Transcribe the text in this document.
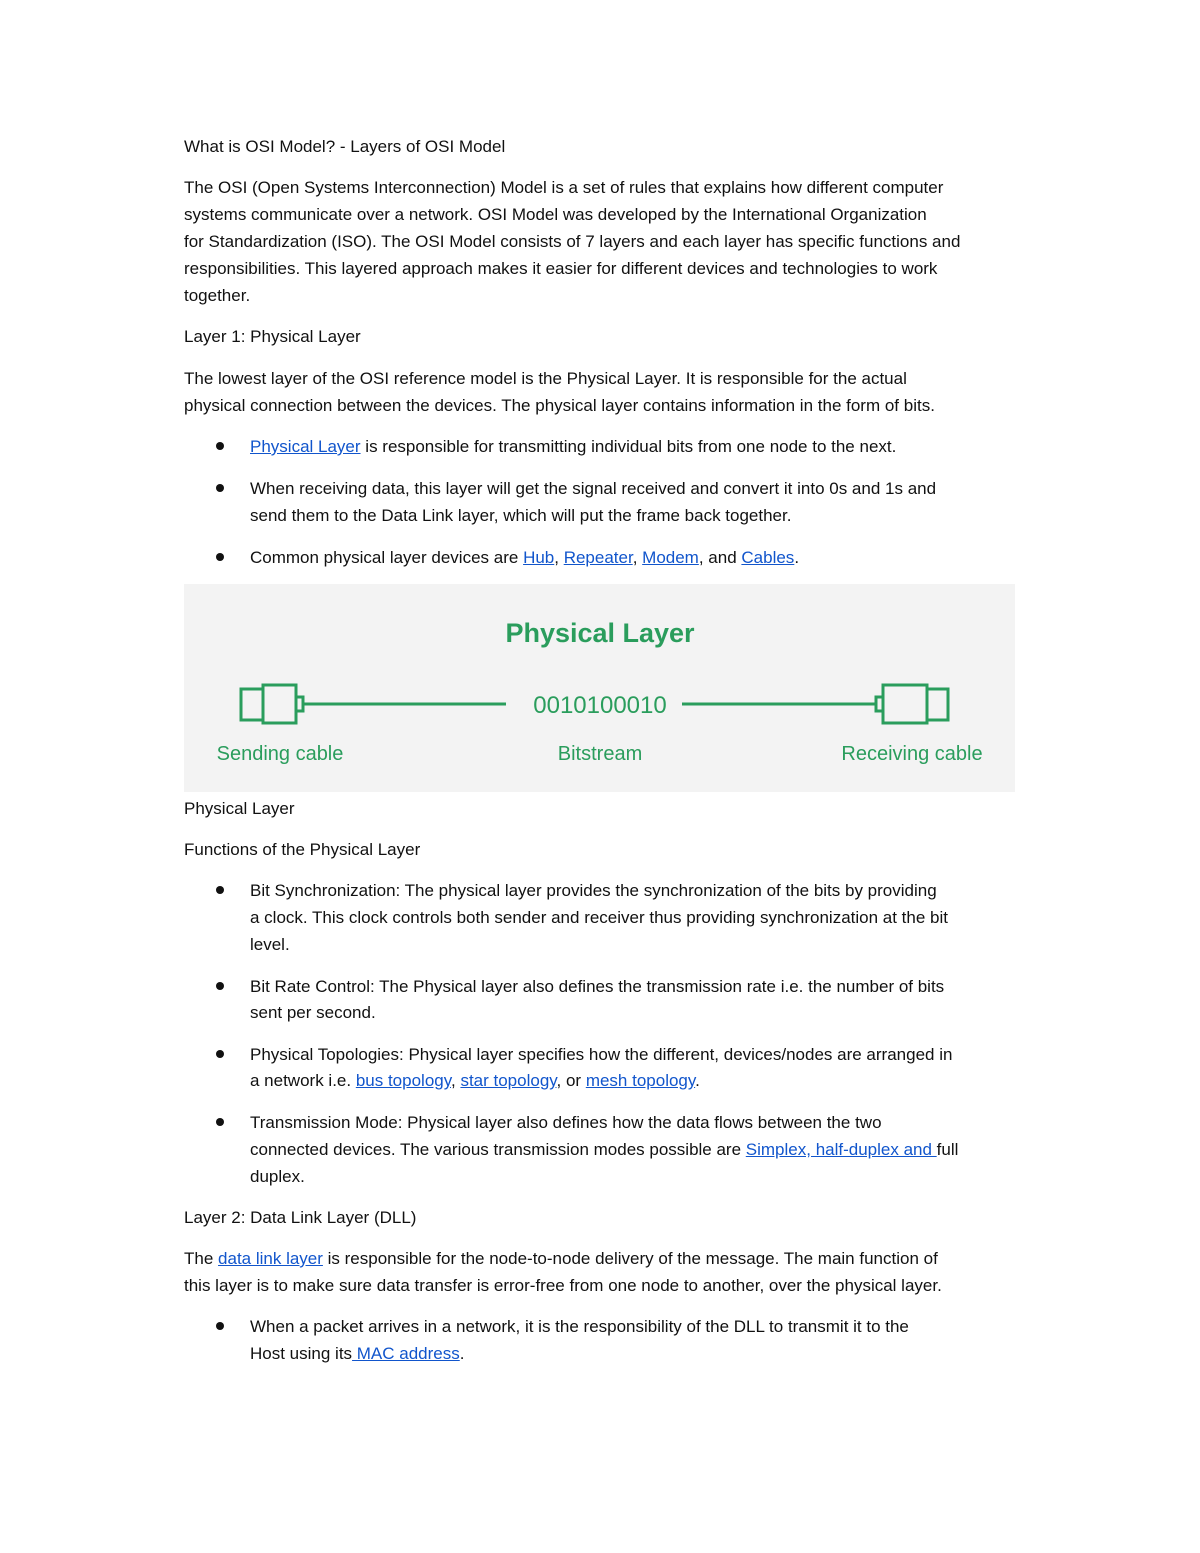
What is OSI Model? - Layers of OSI Model
The OSI (Open Systems Interconnection) Model is a set of rules that explains how different computer
systems communicate over a network. OSI Model was developed by the International Organization
for Standardization (ISO). The OSI Model consists of 7 layers and each layer has specific functions and
responsibilities. This layered approach makes it easier for different devices and technologies to work
together.
Layer 1: Physical Layer
The lowest layer of the OSI reference model is the Physical Layer. It is responsible for the actual
physical connection between the devices. The physical layer contains information in the form of bits.
Physical Layer is responsible for transmitting individual bits from one node to the next.
When receiving data, this layer will get the signal received and convert it into 0s and 1s and
send them to the Data Link layer, which will put the frame back together.
Common physical layer devices are Hub, Repeater, Modem, and Cables.
Physical Layer
0010100010
Sending cable	Bitstream	Receiving cable
Physical Layer
Functions of the Physical Layer
Bit Synchronization: The physical layer provides the synchronization of the bits by providing
a clock. This clock controls both sender and receiver thus providing synchronization at the bit
level.
Bit Rate Control: The Physical layer also defines the transmission rate i.e. the number of bits
sent per second.
Physical Topologies: Physical layer specifies how the different, devices/nodes are arranged in
a network i.e. bus topology, star topology, or mesh topology.
Transmission Mode: Physical layer also defines how the data flows between the two
connected devices. The various transmission modes possible are Simplex, half-duplex and full
duplex.
Layer 2: Data Link Layer (DLL)
The data link layer is responsible for the node-to-node delivery of the message. The main function of
this layer is to make sure data transfer is error-free from one node to another, over the physical layer.
When a packet arrives in a network, it is the responsibility of the DLL to transmit it to the
Host using its MAC address.
